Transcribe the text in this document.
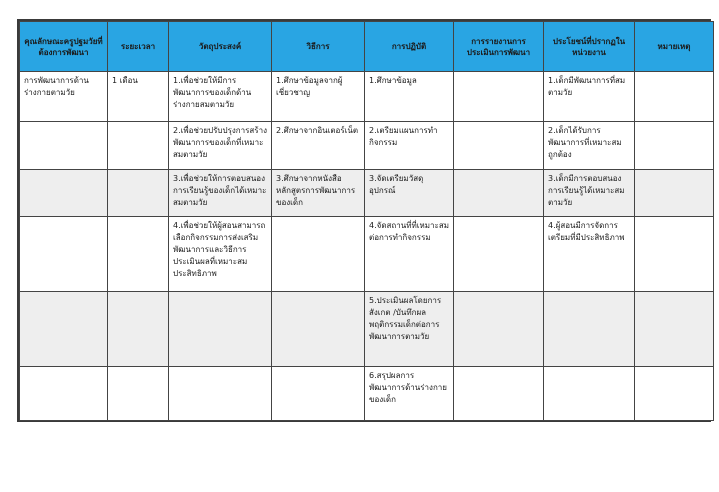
คุณลักษณะครูปฐมวัยที่ต้องการพัฒนา	ระยะเวลา	วัตถุประสงค์	วิธีการ	การปฏิบัติ	การรายงานการประเมินการพัฒนา	ประโยชน์ที่ปรากฏในหน่วยงาน	หมายเหตุ
การพัฒนาการด้านร่างกายตามวัย	1 เดือน	1.เพื่อช่วยให้มีการพัฒนาการของเด็กด้านร่างกายสมตามวัย	1.ศึกษาข้อมูลจากผู้เชี่ยวชาญ	1.ศึกษาข้อมูล		1.เด็กมีพัฒนาการที่สมตามวัย	
		2.เพื่อช่วยปรับปรุงการสร้างพัฒนาการของเด็กที่เหมาะสมตามวัย	2.ศึกษาจากอินเตอร์เน็ต	2.เตรียมแผนการทำกิจกรรม		2.เด็กได้รับการพัฒนาการที่เหมาะสมถูกต้อง	
		3.เพื่อช่วยให้การตอบสนองการเรียนรู้ของเด็กได้เหมาะสมตามวัย	3.ศึกษาจากหนังสือหลักสูตรการพัฒนาการของเด็ก	3.จัดเตรียมวัสดุอุปกรณ์		3.เด็กมีการตอบสนองการเรียนรู้ได้เหมาะสมตามวัย	
		4.เพื่อช่วยให้ผู้สอนสามารถเลือกกิจกรรมการส่งเสริมพัฒนาการและวิธีการประเมินผลที่เหมาะสมประสิทธิภาพ		4.จัดสถานที่ที่เหมาะสมต่อการทำกิจกรรม		4.ผู้สอนมีการจัดการเตรียมที่มีประสิทธิภาพ	
				5.ประเมินผลโดยการสังเกต /บันทึกผล พฤติกรรมเด็กต่อการพัฒนาการตามวัย			
				6.สรุปผลการพัฒนาการด้านร่างกายของเด็ก			
